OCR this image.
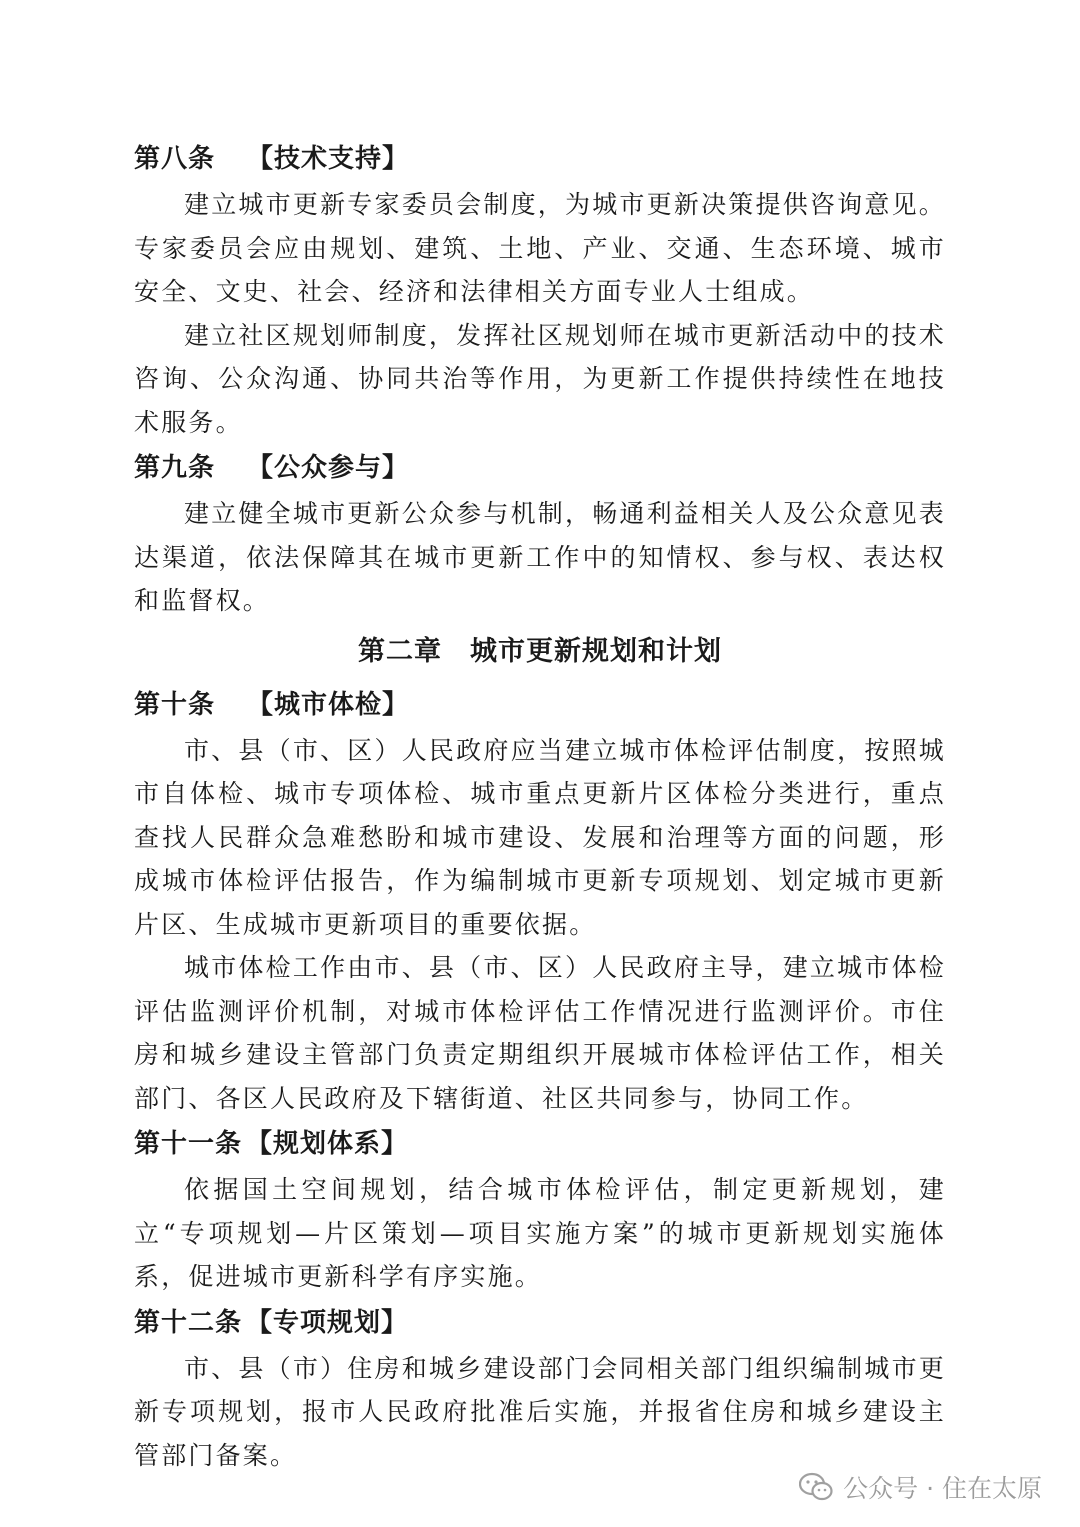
第八条 【技术支持】

建立城市更新专家委员会制度，为城市更新决策提供咨询意见。专家委员会应由规划、建筑、土地、产业、交通、生态环境、城市安全、文史、社会、经济和法律相关方面专业人士组成。

建立社区规划师制度，发挥社区规划师在城市更新活动中的技术咨询、公众沟通、协同共治等作用，为更新工作提供持续性在地技术服务。

第九条 【公众参与】

建立健全城市更新公众参与机制，畅通利益相关人及公众意见表达渠道，依法保障其在城市更新工作中的知情权、参与权、表达权和监督权。

第二章 城市更新规划和计划
第十条 【城市体检】

市、县（市、区）人民政府应当建立城市体检评估制度，按照城市自体检、城市专项体检、城市重点更新片区体检分类进行，重点查找人民群众急难愁盼和城市建设、发展和治理等方面的问题，形成城市体检评估报告，作为编制城市更新专项规划、划定城市更新片区、生成城市更新项目的重要依据。

城市体检工作由市、县（市、区）人民政府主导，建立城市体检评估监测评价机制，对城市体检评估工作情况进行监测评价。市住房和城乡建设主管部门负责定期组织开展城市体检评估工作，相关部门、各区人民政府及下辖街道、社区共同参与，协同工作。

第十一条 【规划体系】

依据国土空间规划，结合城市体检评估，制定更新规划，建立“专项规划—片区策划—项目实施方案”的城市更新规划实施体系，促进城市更新科学有序实施。

第十二条 【专项规划】

市、县（市）住房和城乡建设部门会同相关部门组织编制城市更新专项规划，报市人民政府批准后实施，并报省住房和城乡建设主管部门备案。

公众号 · 住在太原
